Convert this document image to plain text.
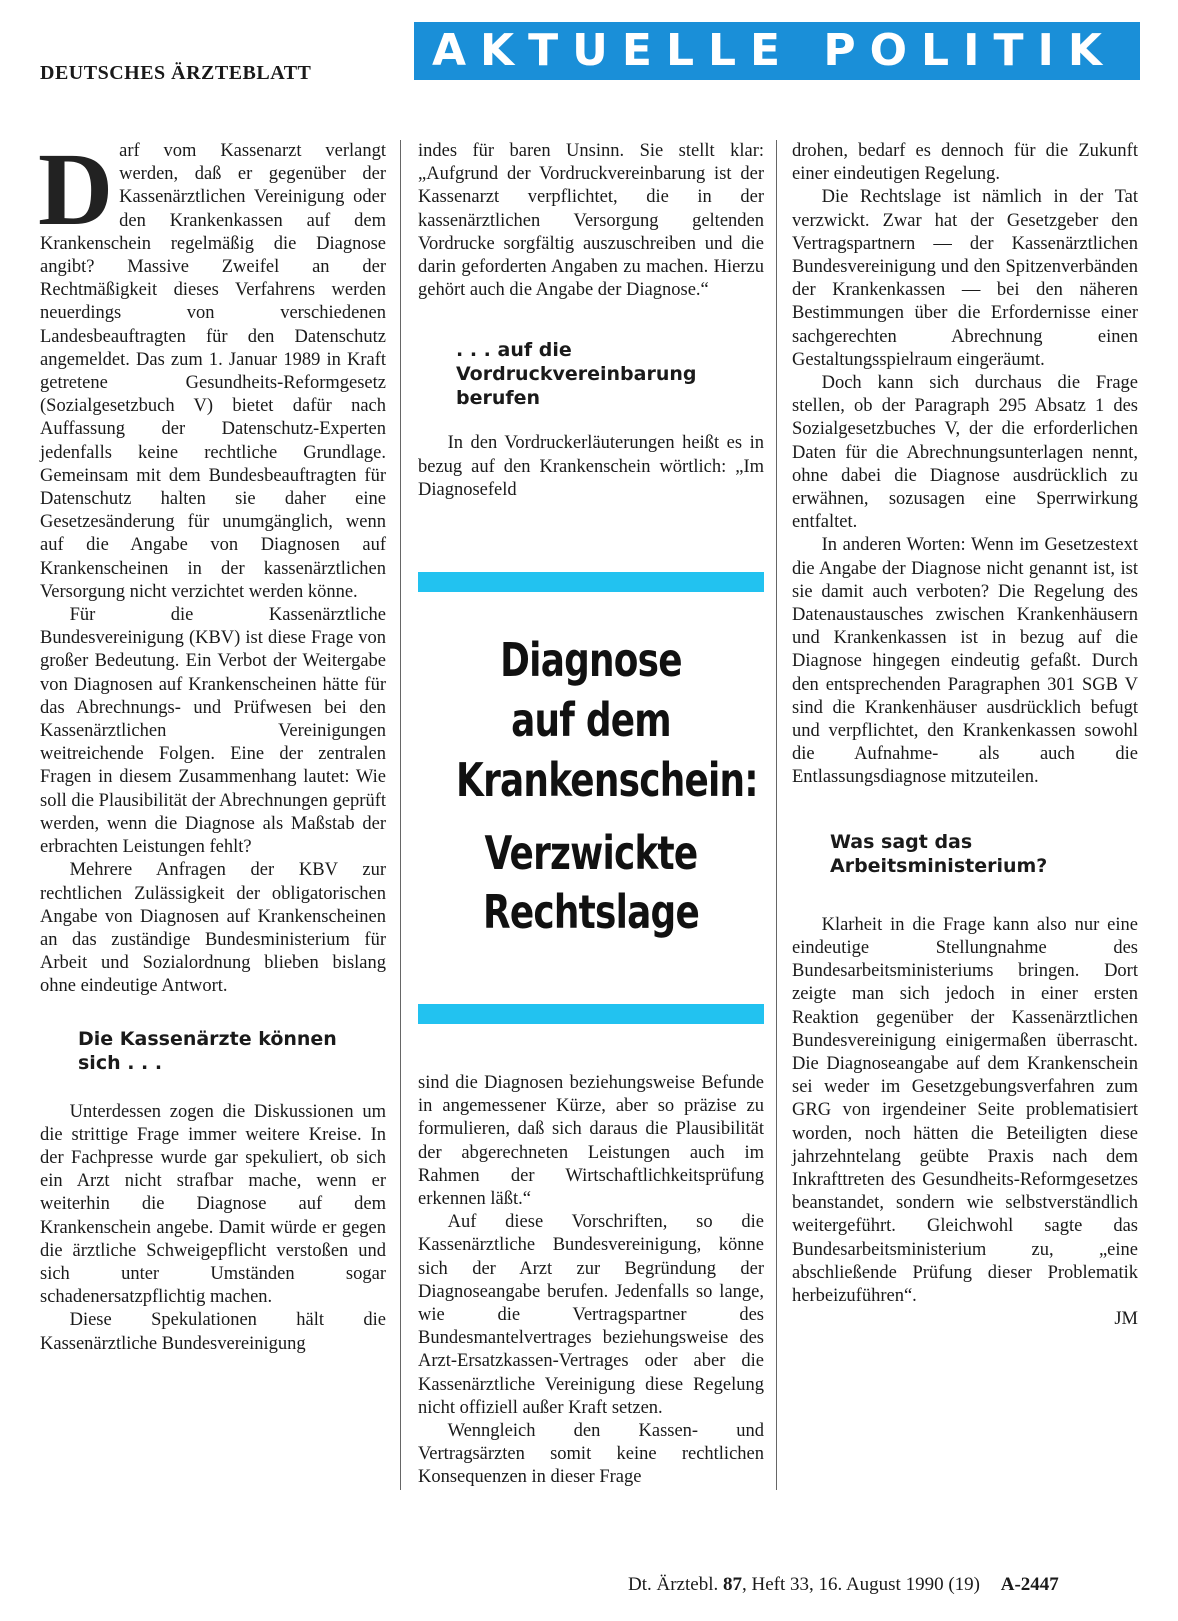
DEUTSCHES ÄRZTEBLATT	AKTUELLE POLITIK

Darf vom Kassenarzt verlangt werden, daß er gegenüber der Kassenärztlichen Vereinigung oder den Krankenkassen auf dem Krankenschein regelmäßig die Diagnose angibt? Massive Zweifel an der Rechtmäßigkeit dieses Verfahrens werden neuerdings von verschiedenen Landesbeauftragten für den Datenschutz angemeldet. Das zum 1. Januar 1989 in Kraft getretene Gesundheits-Reformgesetz (Sozialgesetzbuch V) bietet dafür nach Auffassung der Datenschutz-Experten jedenfalls keine rechtliche Grundlage. Gemeinsam mit dem Bundesbeauftragten für Datenschutz halten sie daher eine Gesetzesänderung für unumgänglich, wenn auf die Angabe von Diagnosen auf Krankenscheinen in der kassenärztlichen Versorgung nicht verzichtet werden könne.

Für die Kassenärztliche Bundesvereinigung (KBV) ist diese Frage von großer Bedeutung. Ein Verbot der Weitergabe von Diagnosen auf Krankenscheinen hätte für das Abrechnungs- und Prüfwesen bei den Kassenärztlichen Vereinigungen weitreichende Folgen. Eine der zentralen Fragen in diesem Zusammenhang lautet: Wie soll die Plausibilität der Abrechnungen geprüft werden, wenn die Diagnose als Maßstab der erbrachten Leistungen fehlt?

Mehrere Anfragen der KBV zur rechtlichen Zulässigkeit der obligatorischen Angabe von Diagnosen auf Krankenscheinen an das zuständige Bundesministerium für Arbeit und Sozialordnung blieben bislang ohne eindeutige Antwort.

Die Kassenärzte können sich . . .

Unterdessen zogen die Diskussionen um die strittige Frage immer weitere Kreise. In der Fachpresse wurde gar spekuliert, ob sich ein Arzt nicht strafbar mache, wenn er weiterhin die Diagnose auf dem Krankenschein angebe. Damit würde er gegen die ärztliche Schweigepflicht verstoßen und sich unter Umständen sogar schadenersatzpflichtig machen.

Diese Spekulationen hält die Kassenärztliche Bundesvereinigung

indes für baren Unsinn. Sie stellt klar: „Aufgrund der Vordruckvereinbarung ist der Kassenarzt verpflichtet, die in der kassenärztlichen Versorgung geltenden Vordrucke sorgfältig auszuschreiben und die darin geforderten Angaben zu machen. Hierzu gehört auch die Angabe der Diagnose.“

. . . auf die Vordruckvereinbarung berufen

In den Vordruckerläuterungen heißt es in bezug auf den Krankenschein wörtlich: „Im Diagnosefeld

Diagnose
auf dem
Krankenschein:
Verzwickte
Rechtslage

sind die Diagnosen beziehungsweise Befunde in angemessener Kürze, aber so präzise zu formulieren, daß sich daraus die Plausibilität der abgerechneten Leistungen auch im Rahmen der Wirtschaftlichkeitsprüfung erkennen läßt.“

Auf diese Vorschriften, so die Kassenärztliche Bundesvereinigung, könne sich der Arzt zur Begründung der Diagnoseangabe berufen. Jedenfalls so lange, wie die Vertragspartner des Bundesmantelvertrages beziehungsweise des Arzt-Ersatzkassen-Vertrages oder aber die Kassenärztliche Vereinigung diese Regelung nicht offiziell außer Kraft setzen.

Wenngleich den Kassen- und Vertragsärzten somit keine rechtlichen Konsequenzen in dieser Frage

drohen, bedarf es dennoch für die Zukunft einer eindeutigen Regelung.

Die Rechtslage ist nämlich in der Tat verzwickt. Zwar hat der Gesetzgeber den Vertragspartnern — der Kassenärztlichen Bundesvereinigung und den Spitzenverbänden der Krankenkassen — bei den näheren Bestimmungen über die Erfordernisse einer sachgerechten Abrechnung einen Gestaltungsspielraum eingeräumt.

Doch kann sich durchaus die Frage stellen, ob der Paragraph 295 Absatz 1 des Sozialgesetzbuches V, der die erforderlichen Daten für die Abrechnungsunterlagen nennt, ohne dabei die Diagnose ausdrücklich zu erwähnen, sozusagen eine Sperrwirkung entfaltet.

In anderen Worten: Wenn im Gesetzestext die Angabe der Diagnose nicht genannt ist, ist sie damit auch verboten? Die Regelung des Datenaustausches zwischen Krankenhäusern und Krankenkassen ist in bezug auf die Diagnose hingegen eindeutig gefaßt. Durch den entsprechenden Paragraphen 301 SGB V sind die Krankenhäuser ausdrücklich befugt und verpflichtet, den Krankenkassen sowohl die Aufnahme- als auch die Entlassungsdiagnose mitzuteilen.

Was sagt das Arbeitsministerium?

Klarheit in die Frage kann also nur eine eindeutige Stellungnahme des Bundesarbeitsministeriums bringen. Dort zeigte man sich jedoch in einer ersten Reaktion gegenüber der Kassenärztlichen Bundesvereinigung einigermaßen überrascht. Die Diagnoseangabe auf dem Krankenschein sei weder im Gesetzgebungsverfahren zum GRG von irgendeiner Seite problematisiert worden, noch hätten die Beteiligten diese jahrzehntelang geübte Praxis nach dem Inkrafttreten des Gesundheits-Reformgesetzes beanstandet, sondern wie selbstverständlich weitergeführt. Gleichwohl sagte das Bundesarbeitsministerium zu, „eine abschließende Prüfung dieser Problematik herbeizuführen“.

JM
Dt. Ärztebl. 87, Heft 33, 16. August 1990 (19) A-2447
